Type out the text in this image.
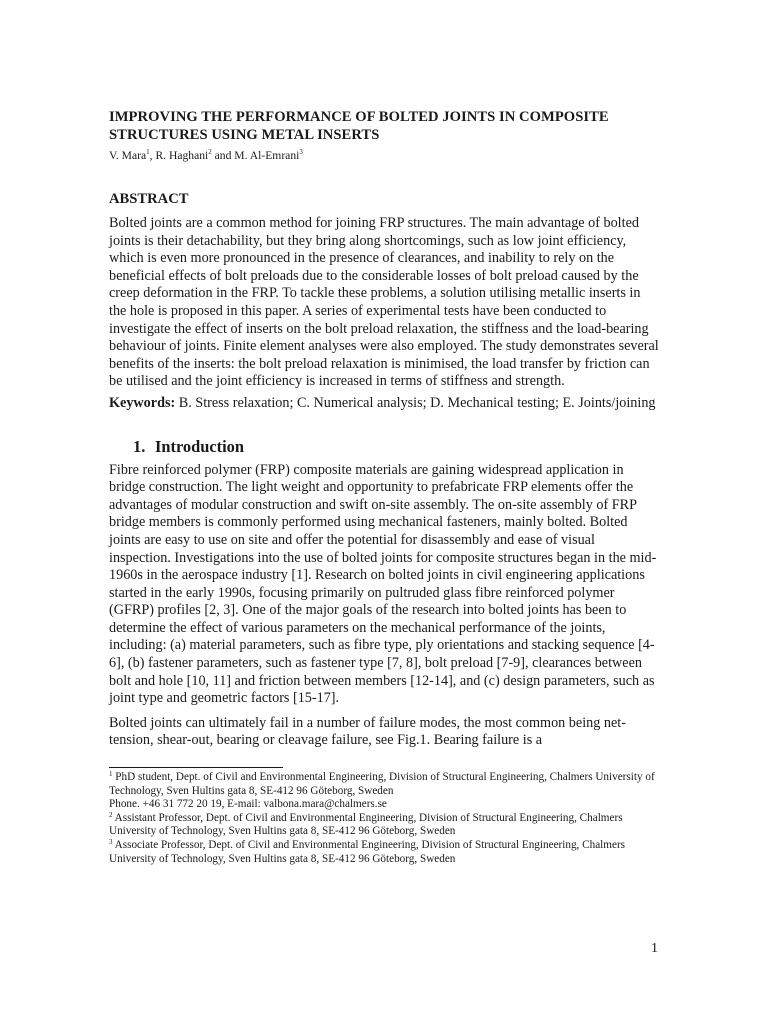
IMPROVING THE PERFORMANCE OF BOLTED JOINTS IN COMPOSITE
STRUCTURES USING METAL INSERTS
V. Mara$^1$, R. Haghani$^2$ and M. Al-Emrani$^3$
ABSTRACT
Bolted joints are a common method for joining FRP structures. The main advantage of bolted joints is their detachability, but they bring along shortcomings, such as low joint efficiency, which is even more pronounced in the presence of clearances, and inability to rely on the beneficial effects of bolt preloads due to the considerable losses of bolt preload caused by the creep deformation in the FRP. To tackle these problems, a solution utilising metallic inserts in the hole is proposed in this paper. A series of experimental tests have been conducted to investigate the effect of inserts on the bolt preload relaxation, the stiffness and the load-bearing behaviour of joints. Finite element analyses were also employed. The study demonstrates several benefits of the inserts: the bolt preload relaxation is minimised, the load transfer by friction can be utilised and the joint efficiency is increased in terms of stiffness and strength.
Keywords: B. Stress relaxation; C. Numerical analysis; D. Mechanical testing; E. Joints/joining
1. Introduction
Fibre reinforced polymer (FRP) composite materials are gaining widespread application in bridge construction. The light weight and opportunity to prefabricate FRP elements offer the advantages of modular construction and swift on-site assembly. The on-site assembly of FRP bridge members is commonly performed using mechanical fasteners, mainly bolted. Bolted joints are easy to use on site and offer the potential for disassembly and ease of visual inspection. Investigations into the use of bolted joints for composite structures began in the mid-1960s in the aerospace industry [1]. Research on bolted joints in civil engineering applications started in the early 1990s, focusing primarily on pultruded glass fibre reinforced polymer (GFRP) profiles [2, 3]. One of the major goals of the research into bolted joints has been to determine the effect of various parameters on the mechanical performance of the joints, including: (a) material parameters, such as fibre type, ply orientations and stacking sequence [4-6], (b) fastener parameters, such as fastener type [7, 8], bolt preload [7-9], clearances between bolt and hole [10, 11] and friction between members [12-14], and (c) design parameters, such as joint type and geometric factors [15-17].
Bolted joints can ultimately fail in a number of failure modes, the most common being net-tension, shear-out, bearing or cleavage failure, see Fig.1. Bearing failure is a
$^1$ PhD student, Dept. of Civil and Environmental Engineering, Division of Structural Engineering, Chalmers University of Technology, Sven Hultins gata 8, SE-412 96 Göteborg, Sweden
Phone. +46 31 772 20 19, E-mail: valbona.mara@chalmers.se
$^2$ Assistant Professor, Dept. of Civil and Environmental Engineering, Division of Structural Engineering, Chalmers University of Technology, Sven Hultins gata 8, SE-412 96 Göteborg, Sweden
$^3$ Associate Professor, Dept. of Civil and Environmental Engineering, Division of Structural Engineering, Chalmers University of Technology, Sven Hultins gata 8, SE-412 96 Göteborg, Sweden
1
